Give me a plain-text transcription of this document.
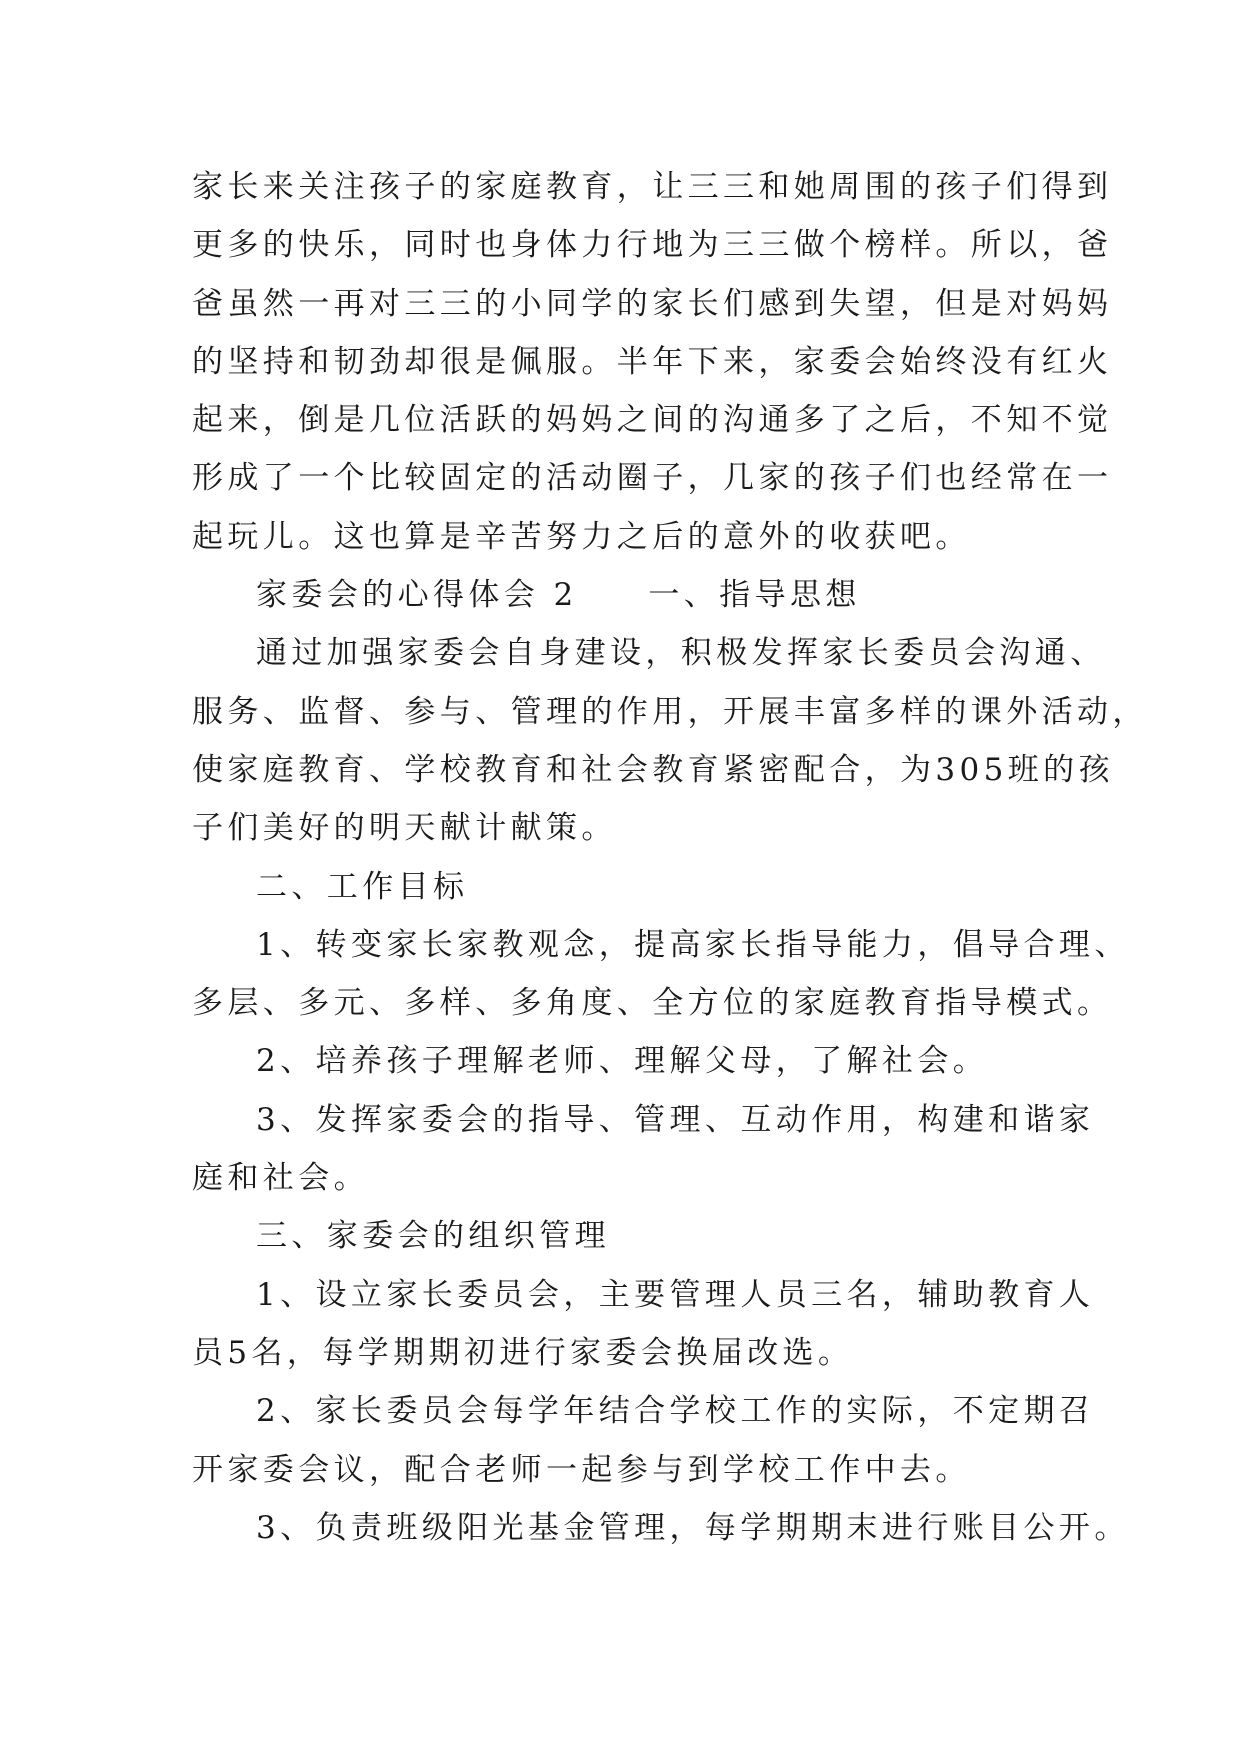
家长来关注孩子的家庭教育，让三三和她周围的孩子们得到
更多的快乐，同时也身体力行地为三三做个榜样。所以，爸
爸虽然一再对三三的小同学的家长们感到失望，但是对妈妈
的坚持和韧劲却很是佩服。半年下来，家委会始终没有红火
起来，倒是几位活跃的妈妈之间的沟通多了之后，不知不觉
形成了一个比较固定的活动圈子，几家的孩子们也经常在一
起玩儿。这也算是辛苦努力之后的意外的收获吧。
家委会的心得体会 2　　一、指导思想
通过加强家委会自身建设，积极发挥家长委员会沟通、
服务、监督、参与、管理的作用，开展丰富多样的课外活动，
使家庭教育、学校教育和社会教育紧密配合，为305班的孩
子们美好的明天献计献策。
二、工作目标
1、转变家长家教观念，提高家长指导能力，倡导合理、
多层、多元、多样、多角度、全方位的家庭教育指导模式。
2、培养孩子理解老师、理解父母，了解社会。
3、发挥家委会的指导、管理、互动作用，构建和谐家
庭和社会。
三、家委会的组织管理
1、设立家长委员会，主要管理人员三名，辅助教育人
员5名，每学期期初进行家委会换届改选。
2、家长委员会每学年结合学校工作的实际，不定期召
开家委会议，配合老师一起参与到学校工作中去。
3、负责班级阳光基金管理，每学期期末进行账目公开。
